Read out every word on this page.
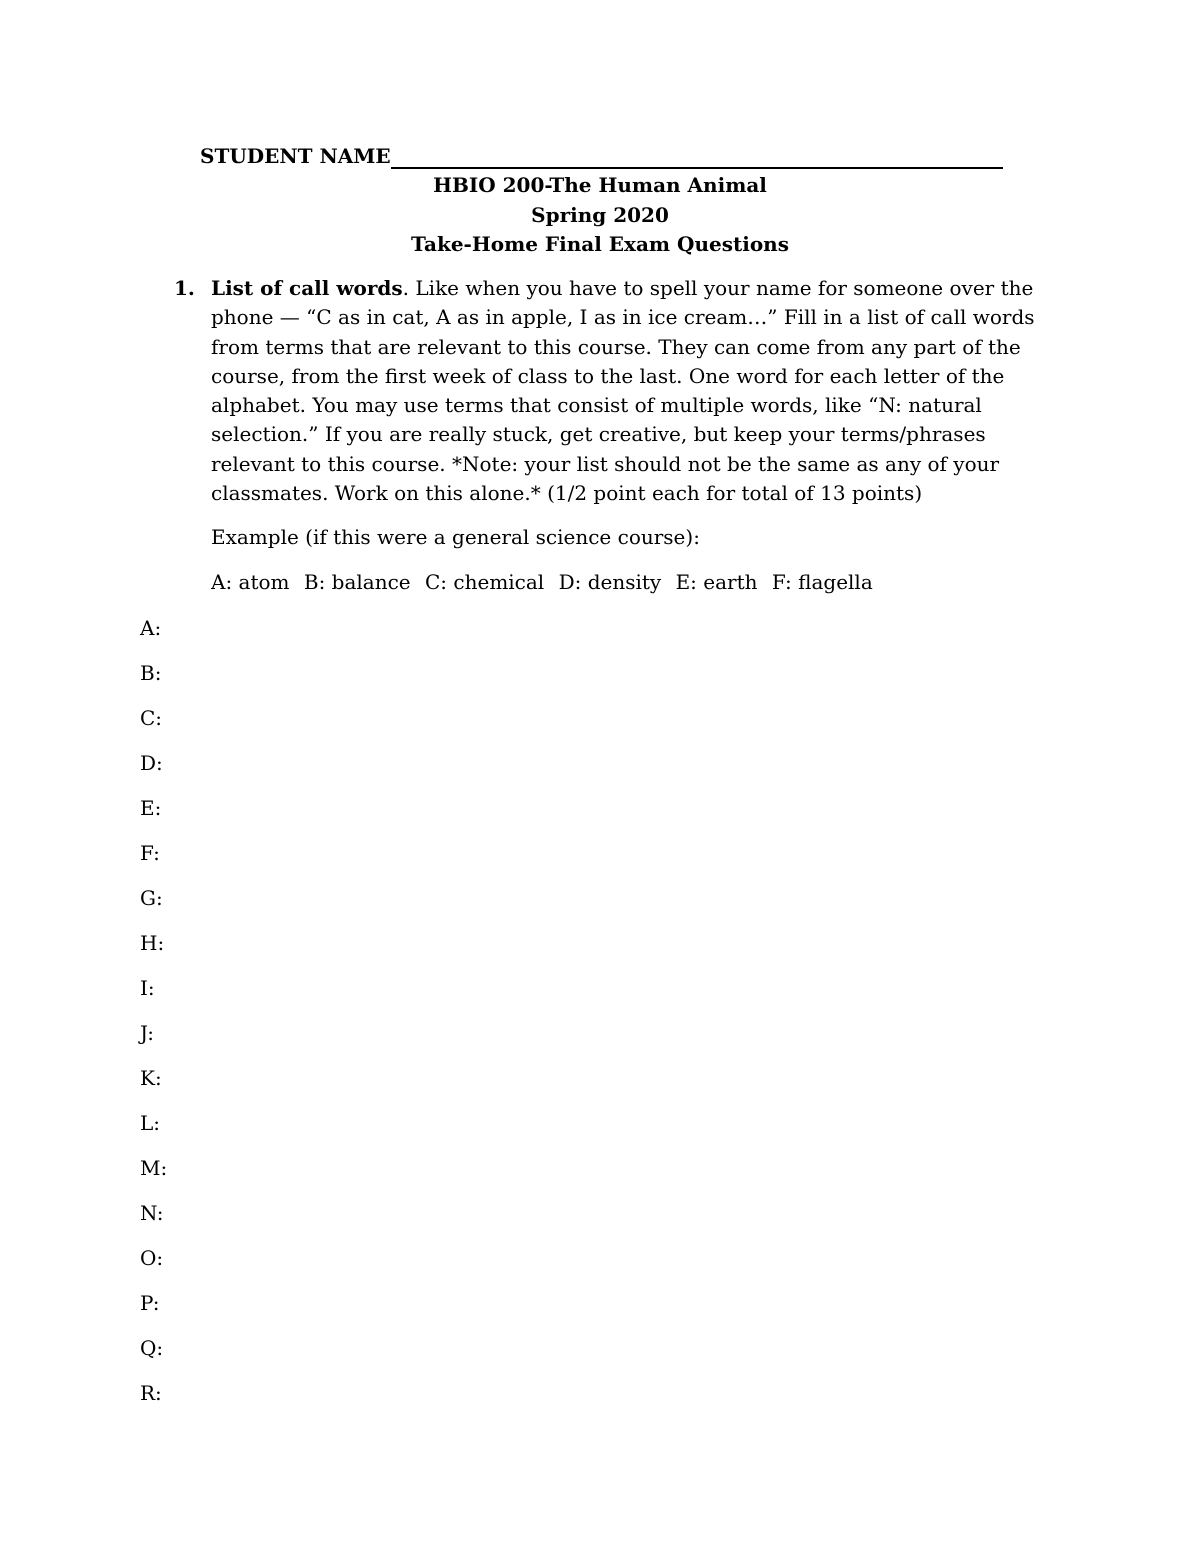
STUDENT NAME
HBIO 200-The Human Animal
Spring 2020
Take-Home Final Exam Questions
1. List of call words. Like when you have to spell your name for someone over the phone — “C as in cat, A as in apple, I as in ice cream…” Fill in a list of call words from terms that are relevant to this course. They can come from any part of the course, from the first week of class to the last. One word for each letter of the alphabet. You may use terms that consist of multiple words, like “N: natural selection.” If you are really stuck, get creative, but keep your terms/phrases relevant to this course. *Note: your list should not be the same as any of your classmates. Work on this alone.* (1/2 point each for total of 13 points)
Example (if this were a general science course):
A: atom B: balance C: chemical D: density E: earth F: flagella
A:
B:
C:
D:
E:
F:
G:
H:
I:
J:
K:
L:
M:
N:
O:
P:
Q:
R:
